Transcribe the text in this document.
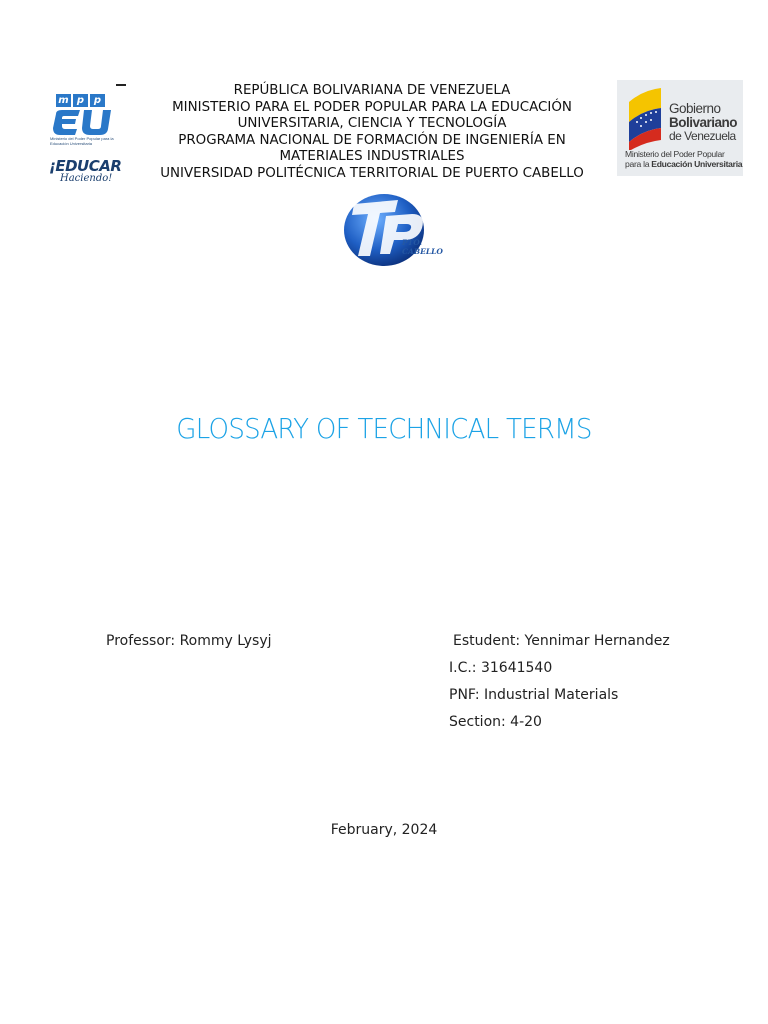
m p p
Ministerio del Poder Popular para la Educación Universitaria
¡EDUCAR
Haciendo!
REPÚBLICA BOLIVARIANA DE VENEZUELA
MINISTERIO PARA EL PODER POPULAR PARA LA EDUCACIÓN
UNIVERSITARIA, CIENCIA Y TECNOLOGÍA
PROGRAMA NACIONAL DE FORMACIÓN DE INGENIERÍA EN
MATERIALES INDUSTRIALES
UNIVERSIDAD POLITÉCNICA TERRITORIAL DE PUERTO CABELLO
Gobierno
Bolivariano
de Venezuela
Ministerio del Poder Popular
para la Educación Universitaria
PTO. CABELLO
GLOSSARY OF TECHNICAL TERMS
Professor: Rommy Lysyj	Estudent: Yennimar Hernandez
I.C.: 31641540
PNF: Industrial Materials
Section: 4-20
February, 2024
